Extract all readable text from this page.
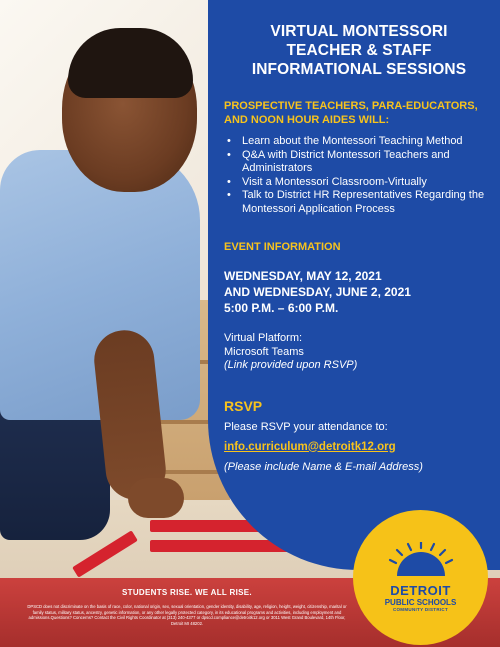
VIRTUAL MONTESSORI
TEACHER & STAFF
INFORMATIONAL SESSIONS
PROSPECTIVE TEACHERS, PARA-EDUCATORS,
AND NOON HOUR AIDES WILL:
• Learn about the Montessori Teaching Method
• Q&A with District Montessori Teachers and Administrators
• Visit a Montessori Classroom-Virtually
• Talk to District HR Representatives Regarding the Montessori Application Process
EVENT INFORMATION
WEDNESDAY, MAY 12, 2021
AND WEDNESDAY, JUNE 2, 2021
5:00 P.M. – 6:00 P.M.
Virtual Platform:
Microsoft Teams
(Link provided upon RSVP)
RSVP
Please RSVP your attendance to:
info.curriculum@detroitk12.org
(Please include Name & E-mail Address)
STUDENTS RISE. WE ALL RISE.
DPSCD does not discriminate on the basis of race, color, national origin, sex, sexual orientation, gender identity, disability, age, religion, height, weight, citizenship, marital or family status, military status, ancestry, genetic information, or any other legally protected category, in its educational programs and activities, including employment and admissions.Questions? Concerns? Contact the Civil Rights Coordinator at (313) 240-4377 or dpscd.compliance@detroitk12.org or 3011 West Grand Boulevard, 14th Floor, Detroit MI 48202.
DETROIT
PUBLIC SCHOOLS
COMMUNITY DISTRICT
